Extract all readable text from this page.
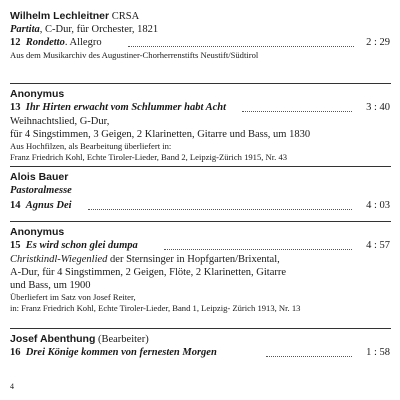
Wilhelm Lechleitner CRSA
Partita, C-Dur, für Orchester, 1821
12 Rondetto. Allegro	2 : 29
Aus dem Musikarchiv des Augustiner-Chorherrenstifts Neustift/Südtirol
Anonymus
13 Ihr Hirten erwacht vom Schlummer habt Acht	3 : 40
Weihnachtslied, G-Dur,
für 4 Singstimmen, 3 Geigen, 2 Klarinetten, Gitarre und Bass, um 1830
Aus Hochfilzen, als Bearbeitung überliefert in:
Franz Friedrich Kohl, Echte Tiroler-Lieder, Band 2, Leipzig-Zürich 1915, Nr. 43
Alois Bauer
Pastoralmesse
14 Agnus Dei	4 : 03
Anonymus
15 Es wird schon glei dumpa	4 : 57
Christkindl-Wiegenlied der Sternsinger in Hopfgarten/Brixental,
A-Dur, für 4 Singstimmen, 2 Geigen, Flöte, 2 Klarinetten, Gitarre
und Bass, um 1900
Überliefert im Satz von Josef Reiter,
in: Franz Friedrich Kohl, Echte Tiroler-Lieder, Band 1, Leipzig- Zürich 1913, Nr. 13
Josef Abenthung (Bearbeiter)
16 Drei Könige kommen von fernesten Morgen	1 : 58
4
